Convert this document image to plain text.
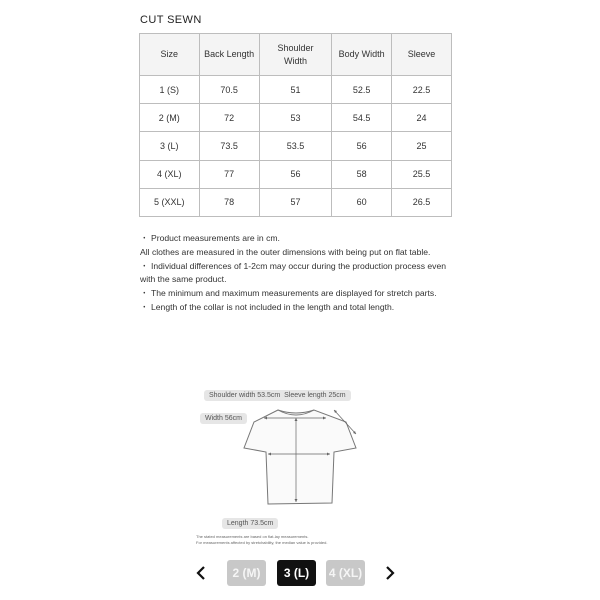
CUT SEWN
Size	Back Length	Shoulder Width	Body Width	Sleeve
1 (S)	70.5	51	52.5	22.5
2 (M)	72	53	54.5	24
3 (L)	73.5	53.5	56	25
4 (XL)	77	56	58	25.5
5 (XXL)	78	57	60	26.5

・ Product measurements are in cm.

All clothes are measured in the outer dimensions with being put on flat table.

・ Individual differences of 1-2cm may occur during the production process even with the same product.

・ The minimum and maximum measurements are displayed for stretch parts.

・ Length of the collar is not included in the length and total length.

Shoulder width 53.5cm Sleeve length 25cm
Width 56cm
Length 73.5cm
The stated measurements are based on flat-lay measurements.
For measurements affected by stretchability, the median value is provided.
2 (M)	3 (L)	4 (XL)
